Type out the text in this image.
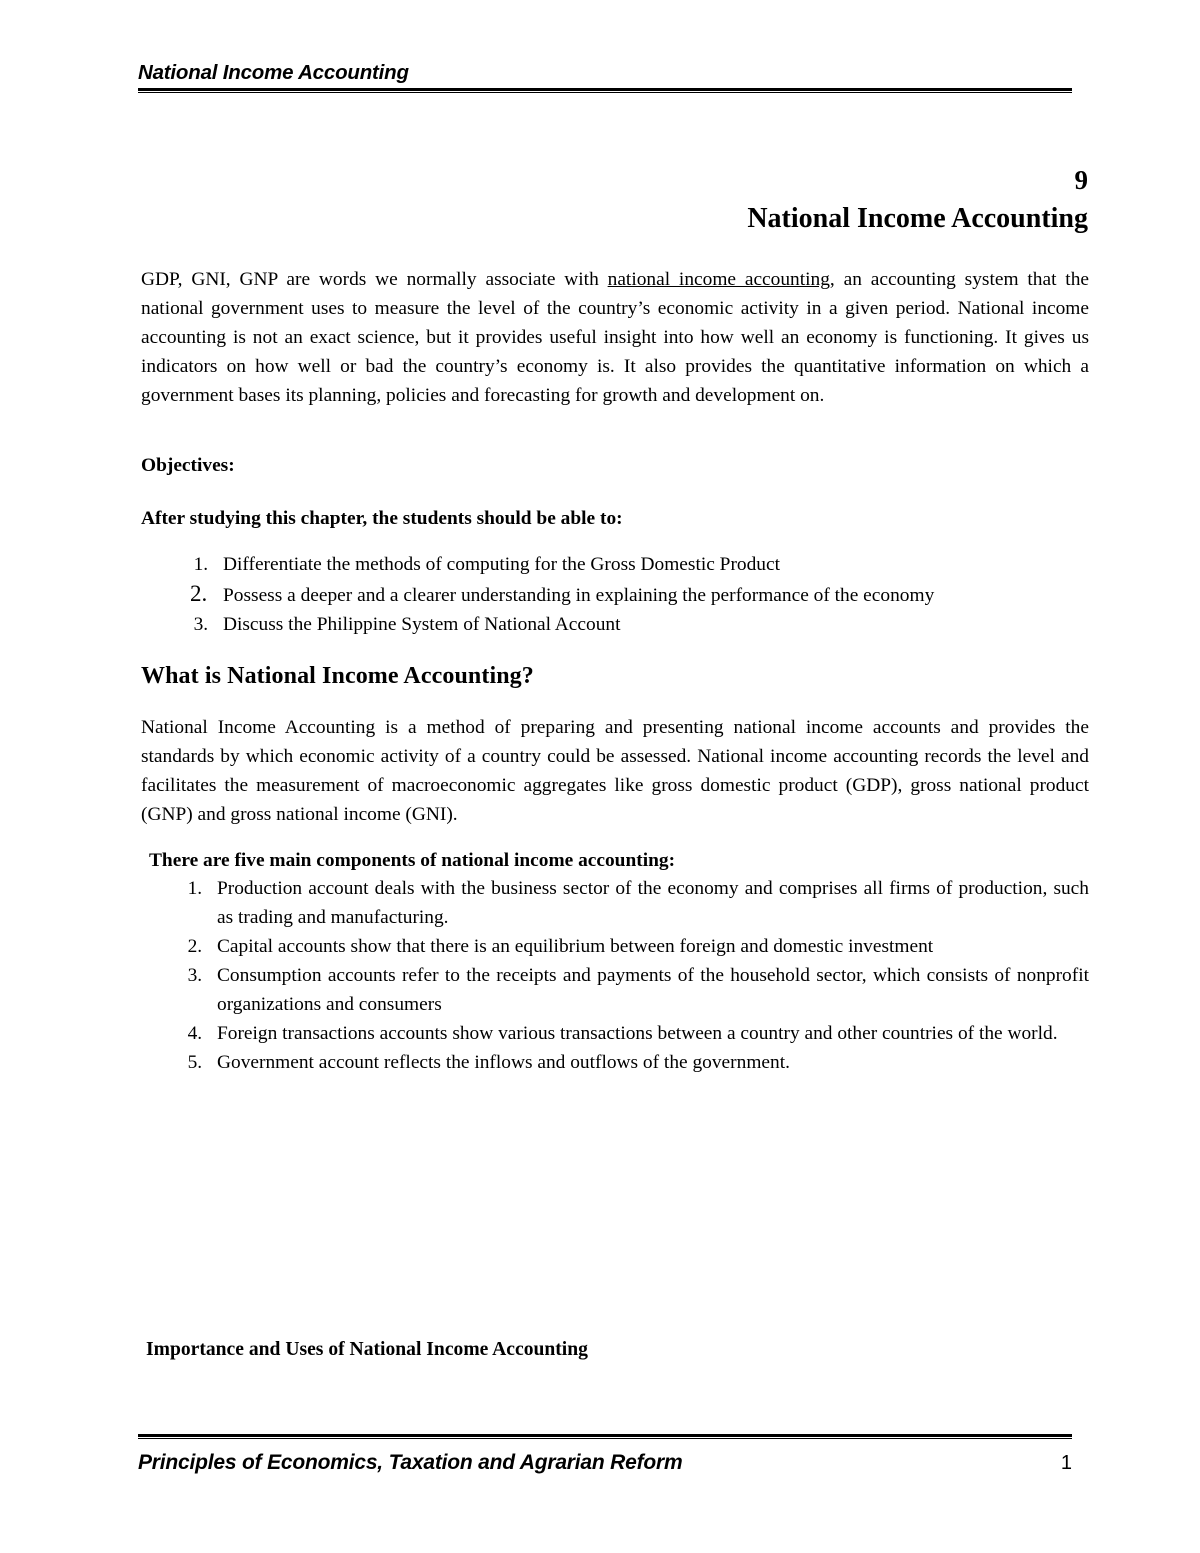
National Income Accounting
9
National Income Accounting

GDP, GNI, GNP are words we normally associate with national income accounting, an accounting system that the national government uses to measure the level of the country’s economic activity in a given period. National income accounting is not an exact science, but it provides useful insight into how well an economy is functioning. It gives us indicators on how well or bad the country’s economy is. It also provides the quantitative information on which a government bases its planning, policies and forecasting for growth and development on.

Objectives:
After studying this chapter, the students should be able to:
1. Differentiate the methods of computing for the Gross Domestic Product
2. Possess a deeper and a clearer understanding in explaining the performance of the economy
3. Discuss the Philippine System of National Account
What is National Income Accounting?

National Income Accounting is a method of preparing and presenting national income accounts and provides the standards by which economic activity of a country could be assessed. National income accounting records the level and facilitates the measurement of macroeconomic aggregates like gross domestic product (GDP), gross national product (GNP) and gross national income (GNI).

There are five main components of national income accounting:
1. Production account deals with the business sector of the economy and comprises all firms of production, such as trading and manufacturing.
2. Capital accounts show that there is an equilibrium between foreign and domestic investment
3. Consumption accounts refer to the receipts and payments of the household sector, which consists of nonprofit organizations and consumers
4. Foreign transactions accounts show various transactions between a country and other countries of the world.
5. Government account reflects the inflows and outflows of the government.
Importance and Uses of National Income Accounting
Principles of Economics, Taxation and Agrarian Reform	1
